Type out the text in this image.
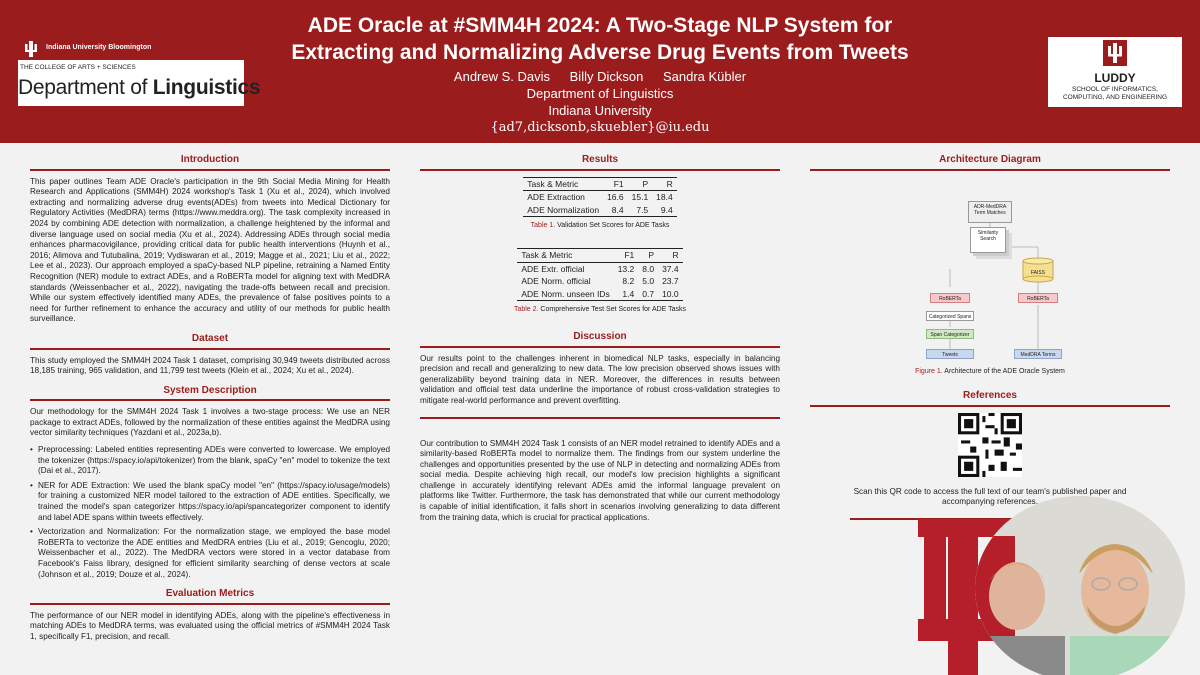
Indiana University Bloomington
THE COLLEGE OF ARTS + SCIENCES
Department of Linguistics
ADE Oracle at #SMM4H 2024: A Two-Stage NLP System for
Extracting and Normalizing Adverse Drug Events from Tweets
Andrew S. Davis Billy Dickson Sandra Kübler
Department of Linguistics
Indiana University
{ad7,dicksonb,skuebler}@iu.edu
LUDDY
SCHOOL OF INFORMATICS,
COMPUTING, AND ENGINEERING
Introduction

This paper outlines Team ADE Oracle's participation in the 9th Social Media Mining for Health Research and Applications (SMM4H) 2024 workshop's Task 1 (Xu et al., 2024), which involved extracting and normalizing adverse drug events(ADEs) from tweets into Medical Dictionary for Regulatory Activities (MedDRA) terms (https://www.meddra.org). The task complexity increased in 2024 by combining ADE detection with normalization, a challenge heightened by the informal and diverse language used on social media (Xu et al., 2024). Addressing ADEs through social media enhances pharmacovigilance, providing critical data for public health interventions (Huynh et al., 2016; Alimova and Tutubalina, 2019; Vydiswaran et al., 2019; Magge et al., 2021; Liu et al., 2022; Lee et al., 2023). Our approach employed a spaCy-based NLP pipeline, retraining a Named Entity Recognition (NER) module to extract ADEs, and a RoBERTa model for aligning text with MedDRA standards (Weissenbacher et al., 2022), navigating the trade-offs between recall and precision. While our system effectively identified many ADEs, the prevalence of false positives points to a need for further refinement to enhance the accuracy and utility of our methods for public health surveillance.

Dataset

This study employed the SMM4H 2024 Task 1 dataset, comprising 30,949 tweets distributed across 18,185 training, 965 validation, and 11,799 test tweets (Klein et al., 2024; Xu et al., 2024).

System Description

Our methodology for the SMM4H 2024 Task 1 involves a two-stage process: We use an NER package to extract ADEs, followed by the normalization of these entities against the MedDRA using vector similarity techniques (Yazdani et al., 2023a,b).

• Preprocessing: Labeled entities representing ADEs were converted to lowercase. We employed the tokenizer (https://spacy.io/api/tokenizer) from the blank, spaCy "en" model to tokenize the text (Dai et al., 2017).
• NER for ADE Extraction: We used the blank spaCy model "en" (https://spacy.io/usage/models) for training a customized NER model tailored to the extraction of ADE entities. Specifically, we trained the model's span categorizer https://spacy.io/api/spancategorizer component to identify and label ADE spans within tweets effectively.
• Vectorization and Normalization: For the normalization stage, we employed the base model RoBERTa to vectorize the ADE entities and MedDRA entries (Liu et al., 2019; Gencoglu, 2020; Weissenbacher et al., 2022). The MedDRA vectors were stored in a vector database from Facebook's Faiss library, designed for efficient similarity searching of dense vectors at scale (Johnson et al., 2019; Douze et al., 2024).
Evaluation Metrics

The performance of our NER model in identifying ADEs, along with the pipeline's effectiveness in matching ADEs to MedDRA terms, was evaluated using the official metrics of #SMM4H 2024 Task 1, specifically F1, precision, and recall.

Results
Task & Metric	F1	P	R
ADE Extraction	16.6	15.1	18.4
ADE Normalization	8.4	7.5	9.4
Table 1. Validation Set Scores for ADE Tasks
Task & Metric	F1	P	R
ADE Extr. official	13.2	8.0	37.4
ADE Norm. official	8.2	5.0	23.7
ADE Norm. unseen IDs	1.4	0.7	10.0
Table 2. Comprehensive Test Set Scores for ADE Tasks
Discussion

Our results point to the challenges inherent in biomedical NLP tasks, especially in balancing precision and recall and generalizing to new data. The low precision observed shows issues with generalizability beyond training data in NER. Moreover, the differences in results between validation and official test data underline the importance of robust cross-validation strategies to mitigate real-world performance and prevent overfitting.

Our contribution to SMM4H 2024 Task 1 consists of an NER model retrained to identify ADEs and a similarity-based RoBERTa model to normalize them. The findings from our system underline the challenges and opportunities presented by the use of NLP in detecting and normalizing ADEs from social media. Despite achieving high recall, our model's low precision highlights a significant challenge in accurately identifying relevant ADEs amid the informal language prevalent on platforms like Twitter. Furthermore, the task has demonstrated that while our current methodology is capable of initial identification, it falls short in scenarios involving generalizing to data different from the training data, which is crucial for practical applications.

Architecture Diagram
ADR-MedDRA Term Matches
Similarity Search
FAISS
RoBERTa	RoBERTa
Categorized Spans
Span Categorizer
Tweets	MedDRA Terms
Figure 1. Architecture of the ADE Oracle System
References

Scan this QR code to access the full text of our team's published paper and accompanying references.
